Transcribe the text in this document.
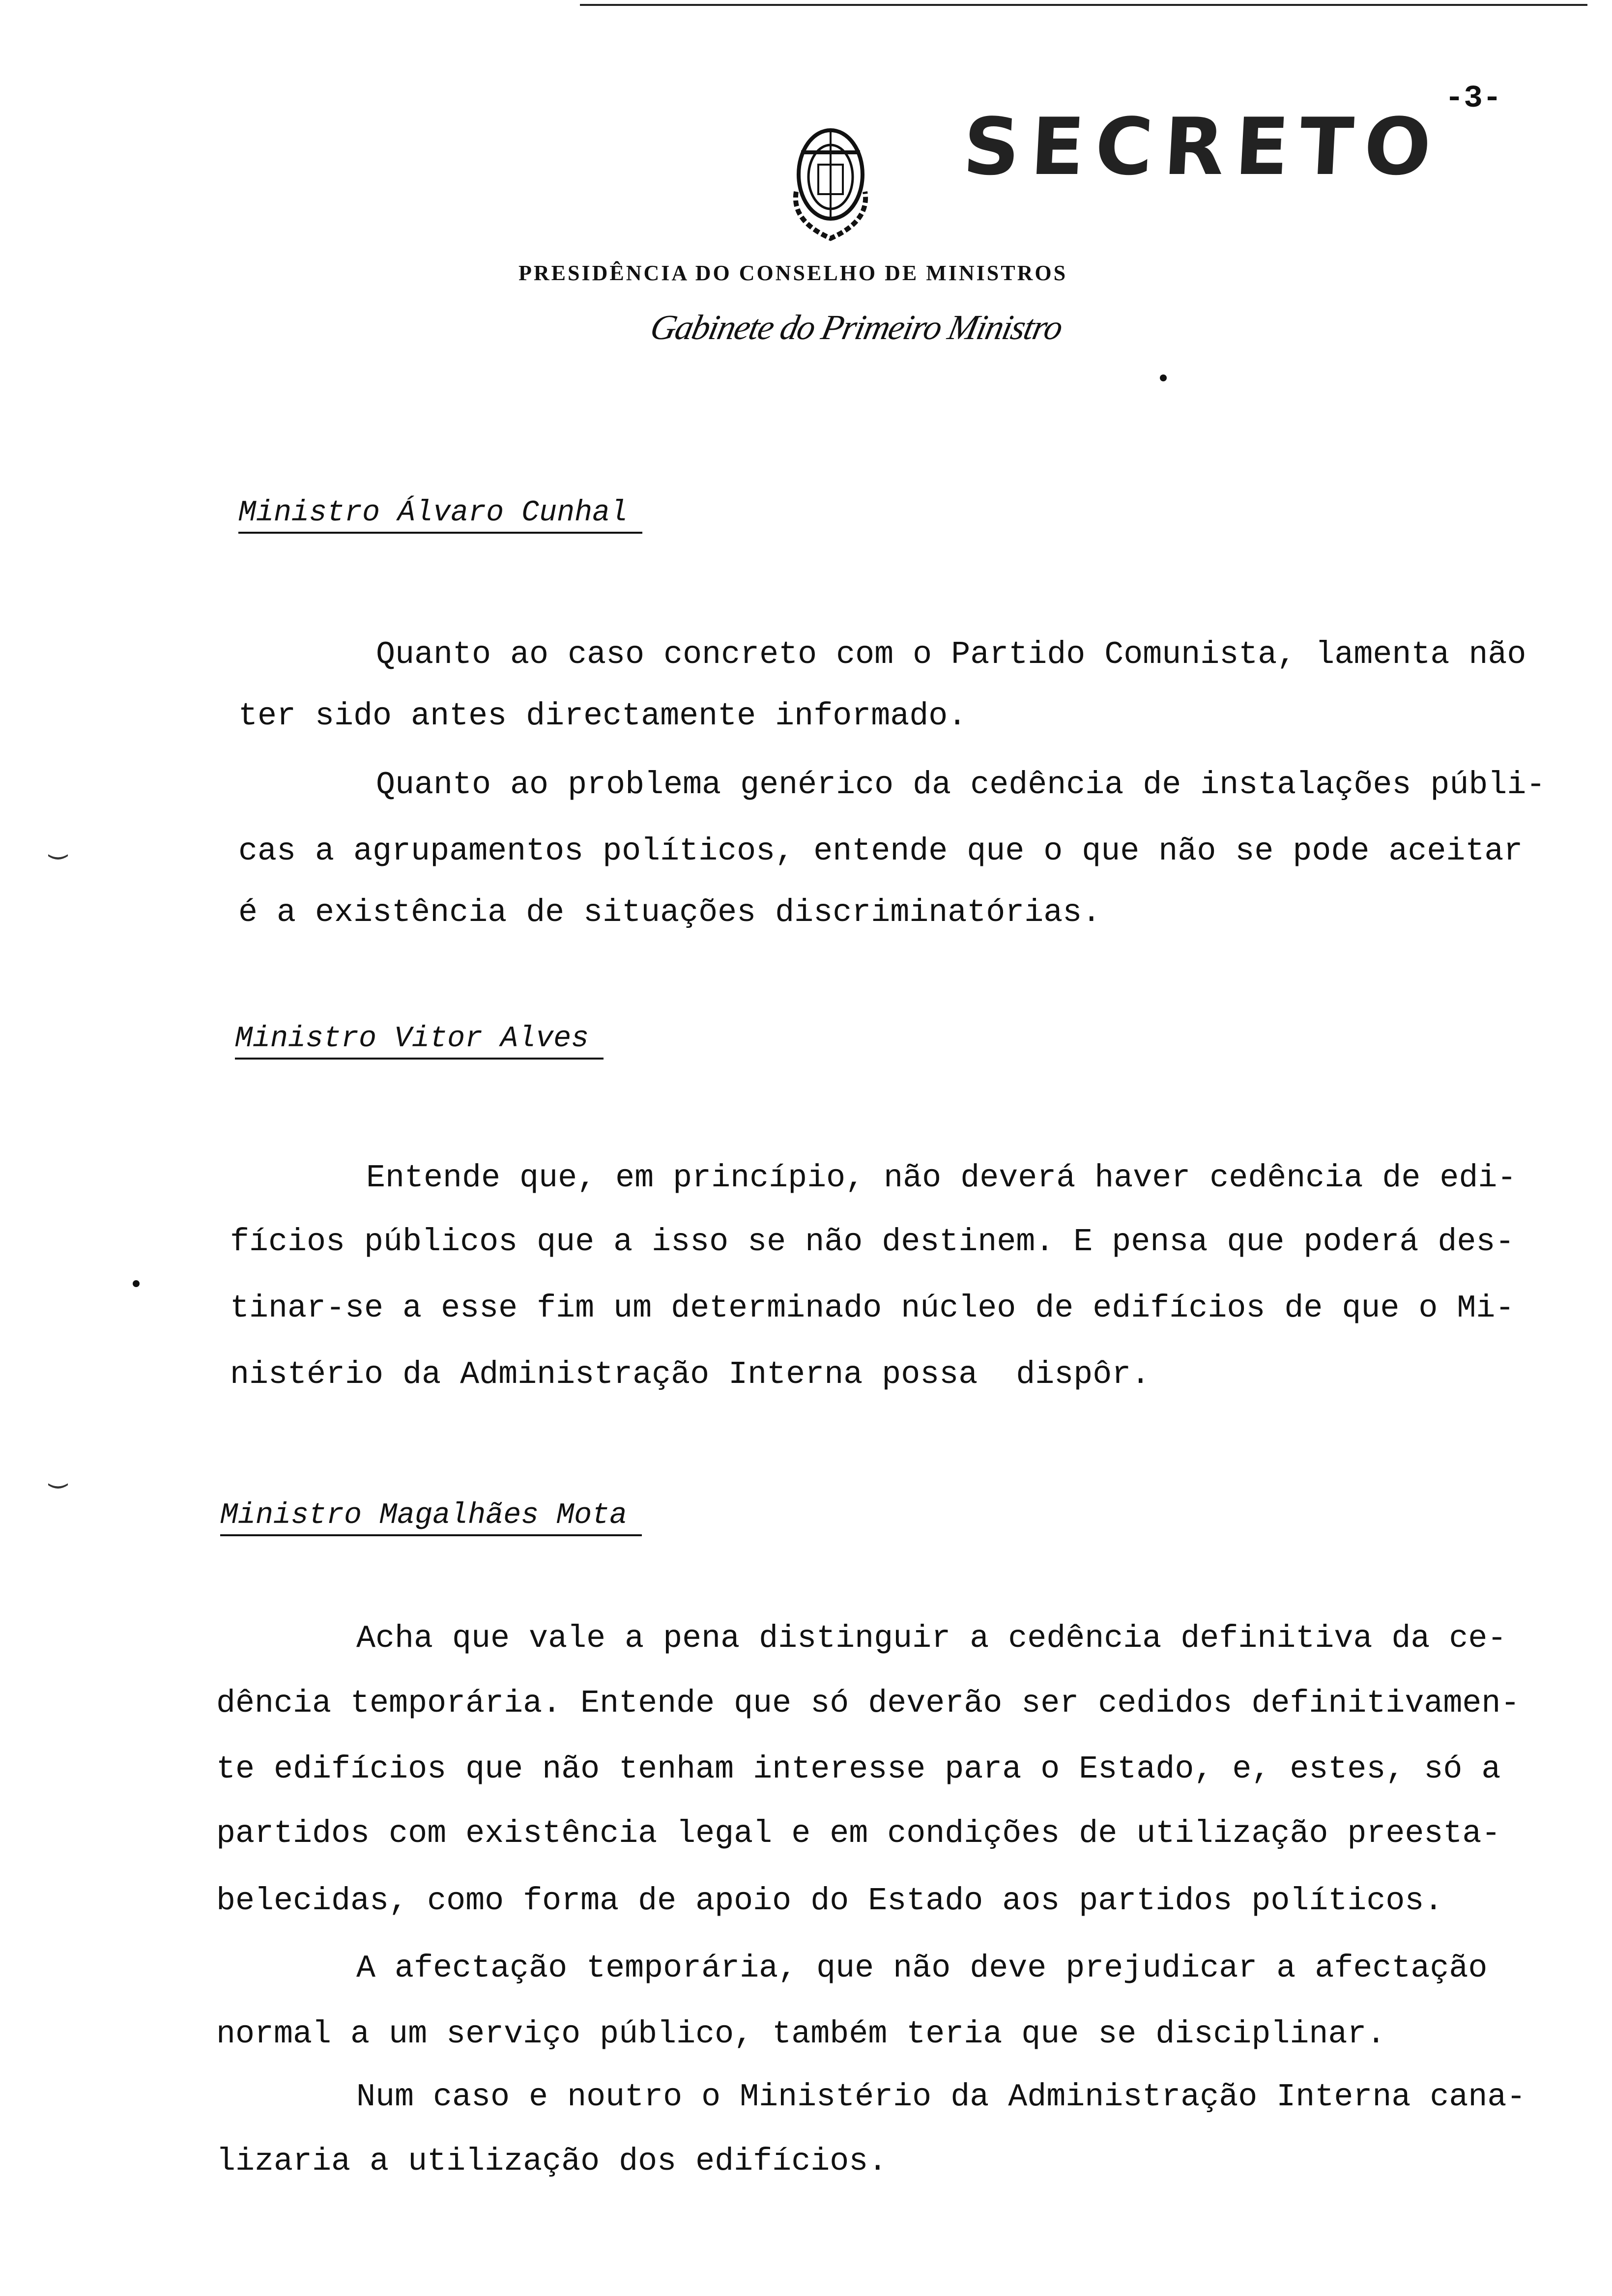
-3-
SECRETO
PRESIDÊNCIA DO CONSELHO DE MINISTROS
Gabinete do Primeiro Ministro
‿
‿
Ministro Álvaro Cunhal
Quanto ao caso concreto com o Partido Comunista, lamenta não
ter sido antes directamente informado.
Quanto ao problema genérico da cedência de instalações públi-
cas a agrupamentos políticos, entende que o que não se pode aceitar
é a existência de situações discriminatórias.
Ministro Vitor Alves
Entende que, em princípio, não deverá haver cedência de edi-
fícios públicos que a isso se não destinem. E pensa que poderá des-
tinar-se a esse fim um determinado núcleo de edifícios de que o Mi-
nistério da Administração Interna possa  dispôr.
Ministro Magalhães Mota
Acha que vale a pena distinguir a cedência definitiva da ce-
dência temporária. Entende que só deverão ser cedidos definitivamen-
te edifícios que não tenham interesse para o Estado, e, estes, só a
partidos com existência legal e em condições de utilização preesta-
belecidas, como forma de apoio do Estado aos partidos políticos.
A afectação temporária, que não deve prejudicar a afectação
normal a um serviço público, também teria que se disciplinar.
Num caso e noutro o Ministério da Administração Interna cana-
lizaria a utilização dos edifícios.
